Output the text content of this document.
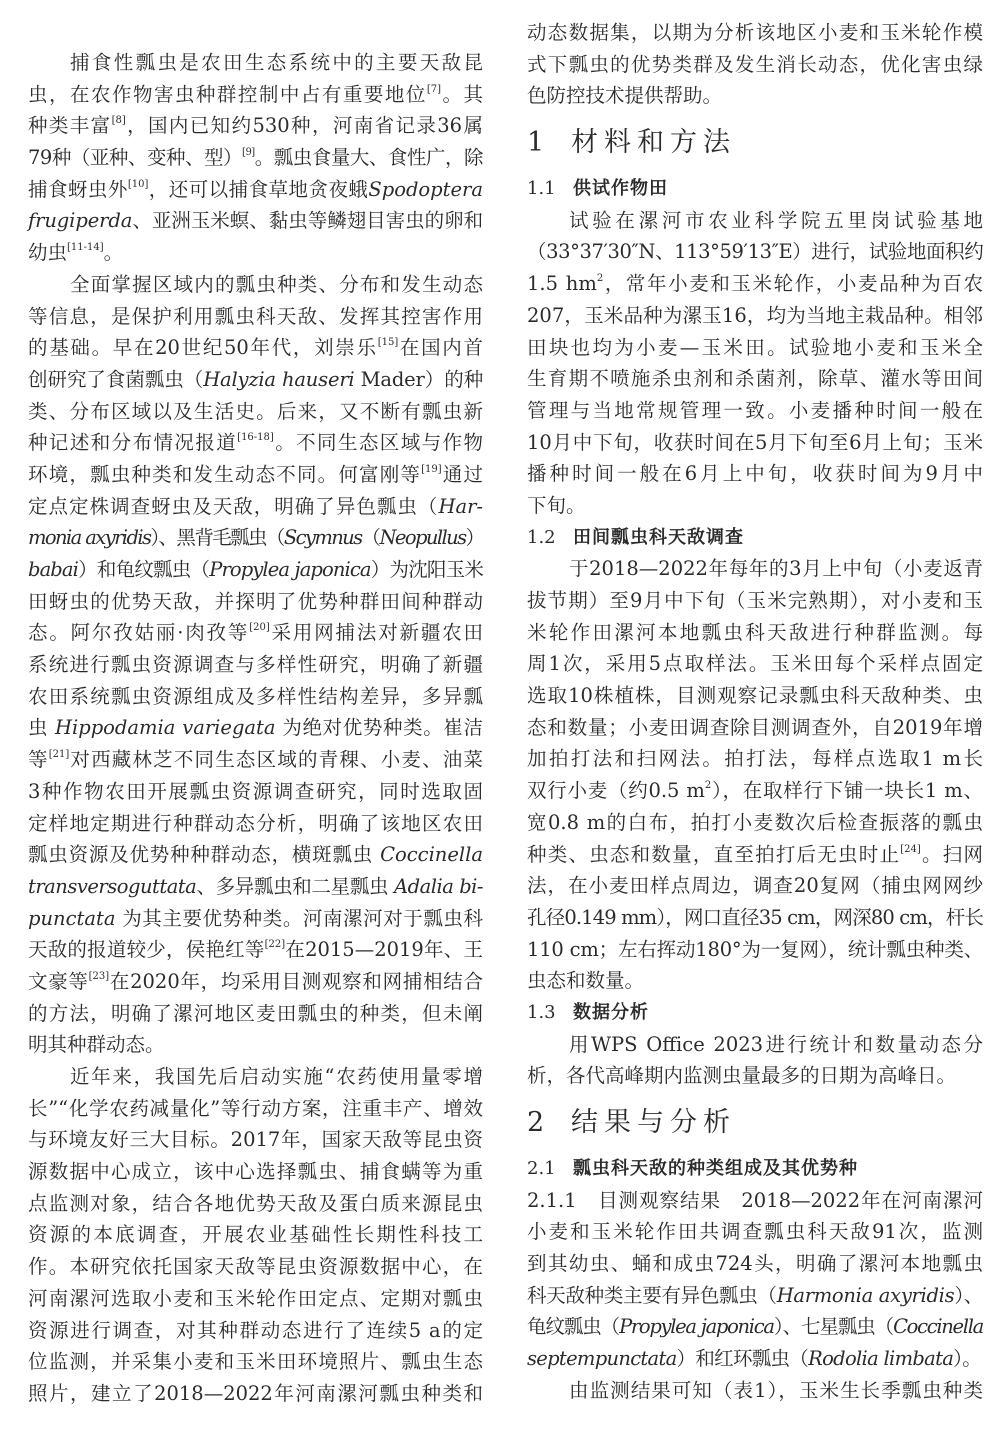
捕食性瓢虫是农田生态系统中的主要天敌昆
虫，在农作物害虫种群控制中占有重要地位[7]。其
种类丰富[8]，国内已知约530种，河南省记录36属
79种（亚种、变种、型）[9]。瓢虫食量大、食性广，除
捕食蚜虫外[10]，还可以捕食草地贪夜蛾Spodoptera
frugiperda、亚洲玉米螟、黏虫等鳞翅目害虫的卵和
幼虫[11-14]。
全面掌握区域内的瓢虫种类、分布和发生动态
等信息，是保护利用瓢虫科天敌、发挥其控害作用
的基础。早在20世纪50年代，刘崇乐[15]在国内首
创研究了食菌瓢虫（Halyzia hauseri Mader）的种
类、分布区域以及生活史。后来，又不断有瓢虫新
种记述和分布情况报道[16-18]。不同生态区域与作物
环境，瓢虫种类和发生动态不同。何富刚等[19]通过
定点定株调查蚜虫及天敌，明确了异色瓢虫（Har-
monia axyridis）、黑背毛瓢虫（Scymnus（Neopullus）
babai）和龟纹瓢虫（Propylea japonica）为沈阳玉米
田蚜虫的优势天敌，并探明了优势种群田间种群动
态。阿尔孜姑丽·肉孜等[20]采用网捕法对新疆农田
系统进行瓢虫资源调查与多样性研究，明确了新疆
农田系统瓢虫资源组成及多样性结构差异，多异瓢
虫 Hippodamia variegata 为绝对优势种类。崔洁
等[21]对西藏林芝不同生态区域的青稞、小麦、油菜
3种作物农田开展瓢虫资源调查研究，同时选取固
定样地定期进行种群动态分析，明确了该地区农田
瓢虫资源及优势种种群动态，横斑瓢虫 Coccinella
transversoguttata、多异瓢虫和二星瓢虫 Adalia bi-
punctata 为其主要优势种类。河南漯河对于瓢虫科
天敌的报道较少，侯艳红等[22]在2015—2019年、王
文豪等[23]在2020年，均采用目测观察和网捕相结合
的方法，明确了漯河地区麦田瓢虫的种类，但未阐
明其种群动态。
近年来，我国先后启动实施“农药使用量零增
长”“化学农药减量化”等行动方案，注重丰产、增效
与环境友好三大目标。2017年，国家天敌等昆虫资
源数据中心成立，该中心选择瓢虫、捕食螨等为重
点监测对象，结合各地优势天敌及蛋白质来源昆虫
资源的本底调查，开展农业基础性长期性科技工
作。本研究依托国家天敌等昆虫资源数据中心，在
河南漯河选取小麦和玉米轮作田定点、定期对瓢虫
资源进行调查，对其种群动态进行了连续5 a的定
位监测，并采集小麦和玉米田环境照片、瓢虫生态
照片，建立了2018—2022年河南漯河瓢虫种类和
动态数据集，以期为分析该地区小麦和玉米轮作模
式下瓢虫的优势类群及发生消长动态，优化害虫绿
色防控技术提供帮助。
1 材料和方法
1.1 供试作物田
试验在漯河市农业科学院五里岗试验基地
（33°37′30″N、113°59′13″E）进行，试验地面积约
1.5 $hm^2$，常年小麦和玉米轮作，小麦品种为百农
207，玉米品种为漯玉16，均为当地主栽品种。相邻
田块也均为小麦—玉米田。试验地小麦和玉米全
生育期不喷施杀虫剂和杀菌剂，除草、灌水等田间
管理与当地常规管理一致。小麦播种时间一般在
10月中下旬，收获时间在5月下旬至6月上旬；玉米
播种时间一般在6月上中旬，收获时间为9月中
下旬。
1.2 田间瓢虫科天敌调查
于2018—2022年每年的3月上中旬（小麦返青
拔节期）至9月中下旬（玉米完熟期），对小麦和玉
米轮作田漯河本地瓢虫科天敌进行种群监测。每
周1次，采用5点取样法。玉米田每个采样点固定
选取10株植株，目测观察记录瓢虫科天敌种类、虫
态和数量；小麦田调查除目测调查外，自2019年增
加拍打法和扫网法。拍打法，每样点选取1 m长
双行小麦（约0.5 $m^2$），在取样行下铺一块长1 m、
宽0.8 m的白布，拍打小麦数次后检查振落的瓢虫
种类、虫态和数量，直至拍打后无虫时止[24]。扫网
法，在小麦田样点周边，调查20复网（捕虫网网纱
孔径0.149 mm），网口直径35 cm，网深80 cm，杆长
110 cm；左右挥动180°为一复网），统计瓢虫种类、
虫态和数量。
1.3 数据分析
用WPS Office 2023进行统计和数量动态分
析，各代高峰期内监测虫量最多的日期为高峰日。
2 结果与分析
2.1 瓢虫科天敌的种类组成及其优势种
2.1.1　目测观察结果　2018—2022年在河南漯河
小麦和玉米轮作田共调查瓢虫科天敌91次，监测
到其幼虫、蛹和成虫724头，明确了漯河本地瓢虫
科天敌种类主要有异色瓢虫（Harmonia axyridis）、
龟纹瓢虫（Propylea japonica）、七星瓢虫（Coccinella
septempunctata）和红环瓢虫（Rodolia limbata）。
由监测结果可知（表1），玉米生长季瓢虫种类
